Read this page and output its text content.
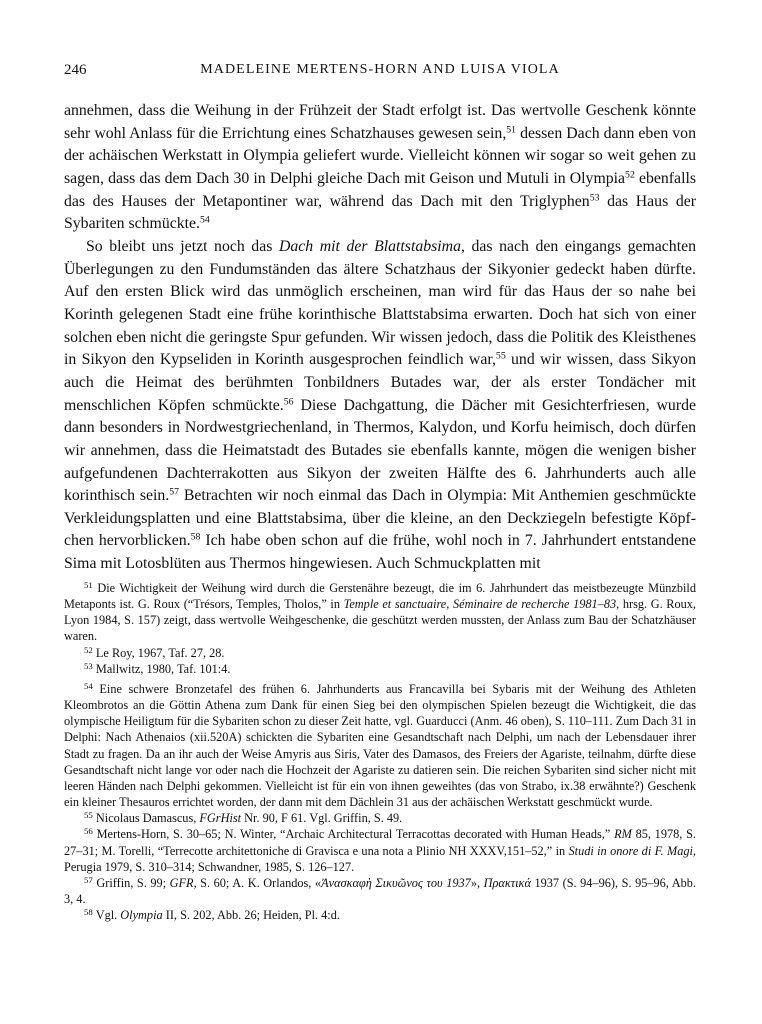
246	MADELEINE MERTENS-HORN AND LUISA VIOLA

annehmen, dass die Weihung in der Frühzeit der Stadt erfolgt ist. Das wertvolle Geschenk könnte sehr wohl Anlass für die Errichtung eines Schatzhauses gewesen sein,$^{51}$ dessen Dach dann eben von der achäischen Werkstatt in Olympia geliefert wurde. Vielleicht können wir sogar so weit gehen zu sagen, dass das dem Dach 30 in Delphi gleiche Dach mit Geison und Mutuli in Olympia$^{52}$ ebenfalls das des Hauses der Metapontiner war, während das Dach mit den Triglyphen$^{53}$ das Haus der Sybariten schmückte.$^{54}$

So bleibt uns jetzt noch das Dach mit der Blattstabsima, das nach den eingangs gemachten Überlegungen zu den Fundumständen das ältere Schatzhaus der Sikyonier gedeckt haben dürfte. Auf den ersten Blick wird das unmöglich erscheinen, man wird für das Haus der so nahe bei Korinth gelegenen Stadt eine frühe korinthische Blattstabsima erwarten. Doch hat sich von einer solchen eben nicht die geringste Spur gefunden. Wir wissen jedoch, dass die Politik des Kleisthenes in Sikyon den Kypseliden in Korinth ausgesprochen feindlich war,$^{55}$ und wir wissen, dass Sikyon auch die Heimat des berühmten Tonbildners Butades war, der als erster Tondächer mit menschlichen Köpfen schmückte.$^{56}$ Diese Dachgattung, die Dächer mit Gesichterfriesen, wurde dann besonders in Nordwestgriechenland, in Thermos, Kalydon, und Korfu heimisch, doch dürfen wir annehmen, dass die Heimatstadt des Butades sie ebenfalls kannte, mögen die wenigen bisher aufgefundenen Dachterrakotten aus Sikyon der zweiten Hälfte des 6. Jahrhunderts auch alle korinthisch sein.$^{57}$ Betrachten wir noch einmal das Dach in Olympia: Mit Anthemien geschmückte Verkleidungsplatten und eine Blattstabsima, über die kleine, an den Deckziegeln befestigte Köpfchen hervorblicken.$^{58}$ Ich habe oben schon auf die frühe, wohl noch in 7. Jahrhundert entstandene Sima mit Lotosblüten aus Thermos hingewiesen. Auch Schmuckplatten mit

$^{51}$ Die Wichtigkeit der Weihung wird durch die Gerstenähre bezeugt, die im 6. Jahrhundert das meistbezeugte Münzbild Metaponts ist. G. Roux (“Trésors, Temples, Tholos,” in Temple et sanctuaire, Séminaire de recherche 1981–83, hrsg. G. Roux, Lyon 1984, S. 157) zeigt, dass wertvolle Weihgeschenke, die geschützt werden mussten, der Anlass zum Bau der Schatzhäuser waren.

$^{52}$ Le Roy, 1967, Taf. 27, 28.

$^{53}$ Mallwitz, 1980, Taf. 101:4.

$^{54}$ Eine schwere Bronzetafel des frühen 6. Jahrhunderts aus Francavilla bei Sybaris mit der Weihung des Athleten Kleombrotos an die Göttin Athena zum Dank für einen Sieg bei den olympischen Spielen bezeugt die Wichtigkeit, die das olympische Heiligtum für die Sybariten schon zu dieser Zeit hatte, vgl. Guarducci (Anm. 46 oben), S. 110–111. Zum Dach 31 in Delphi: Nach Athenaios (xii.520A) schickten die Sybariten eine Gesandtschaft nach Delphi, um nach der Lebensdauer ihrer Stadt zu fragen. Da an ihr auch der Weise Amyris aus Siris, Vater des Damasos, des Freiers der Agariste, teilnahm, dürfte diese Gesandtschaft nicht lange vor oder nach die Hochzeit der Agariste zu datieren sein. Die reichen Sybariten sind sicher nicht mit leeren Händen nach Delphi gekommen. Vielleicht ist für ein von ihnen geweihtes (das von Strabo, ix.38 erwähnte?) Geschenk ein kleiner Thesauros errichtet worden, der dann mit dem Dächlein 31 aus der achäischen Werkstatt geschmückt wurde.

$^{55}$ Nicolaus Damascus, FGrHist Nr. 90, F 61. Vgl. Griffin, S. 49.

$^{56}$ Mertens-Horn, S. 30–65; N. Winter, “Archaic Architectural Terracottas decorated with Human Heads,” RM 85, 1978, S. 27–31; M. Torelli, “Terrecotte architettoniche di Gravisca e una nota a Plinio NH XXXV,151–52,” in Studi in onore di F. Magi, Perugia 1979, S. 310–314; Schwandner, 1985, S. 126–127.

$^{57}$ Griffin, S. 99; GFR, S. 60; A. K. Orlandos, «Ἀνασκαφὴ Σικυῶνος του 1937», Πρακτικά 1937 (S. 94–96), S. 95–96, Abb. 3, 4.

$^{58}$ Vgl. Olympia II, S. 202, Abb. 26; Heiden, Pl. 4:d.
